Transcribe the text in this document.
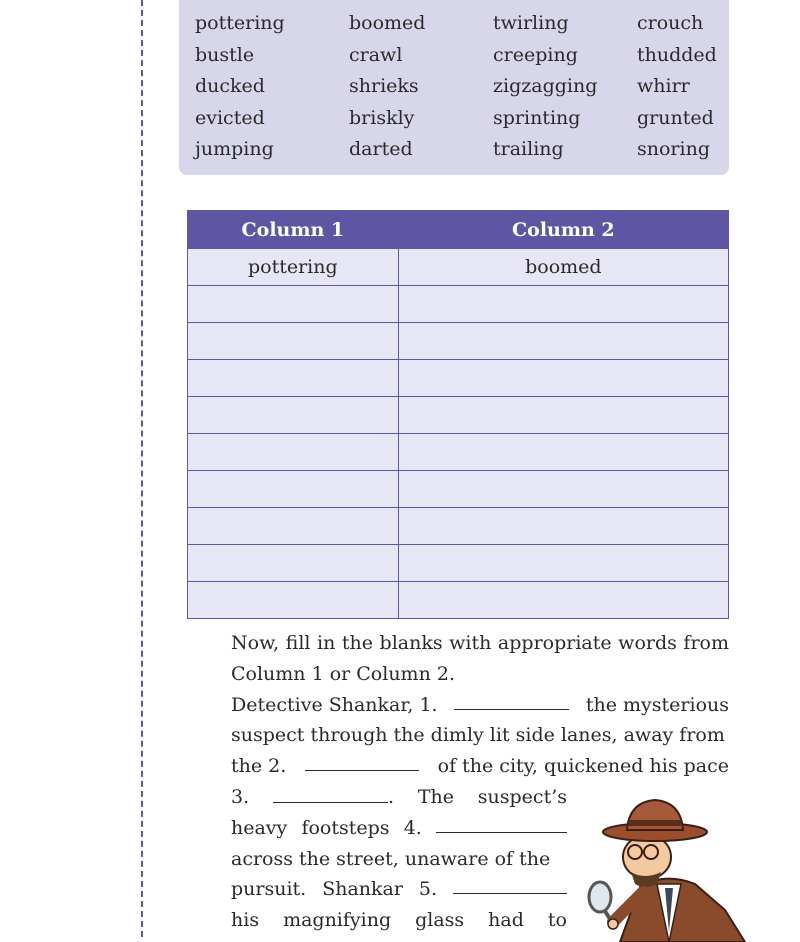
pottering	boomed	twirling	crouch
bustle	crawl	creeping	thudded
ducked	shrieks	zigzagging	whirr
evicted	briskly	sprinting	grunted
jumping	darted	trailing	snoring
Column 1	Column 2
pottering	boomed

Now, fill in the blanks with appropriate words from Column 1 or Column 2.

Detective Shankar, 1.	the mysterious
suspect through the dimly lit side lanes, away from
the 2.	of the city, quickened his pace
3.	. The suspect’s
heavy footsteps 4.
across the street, unaware of the
pursuit. Shankar 5.
his magnifying glass had to
